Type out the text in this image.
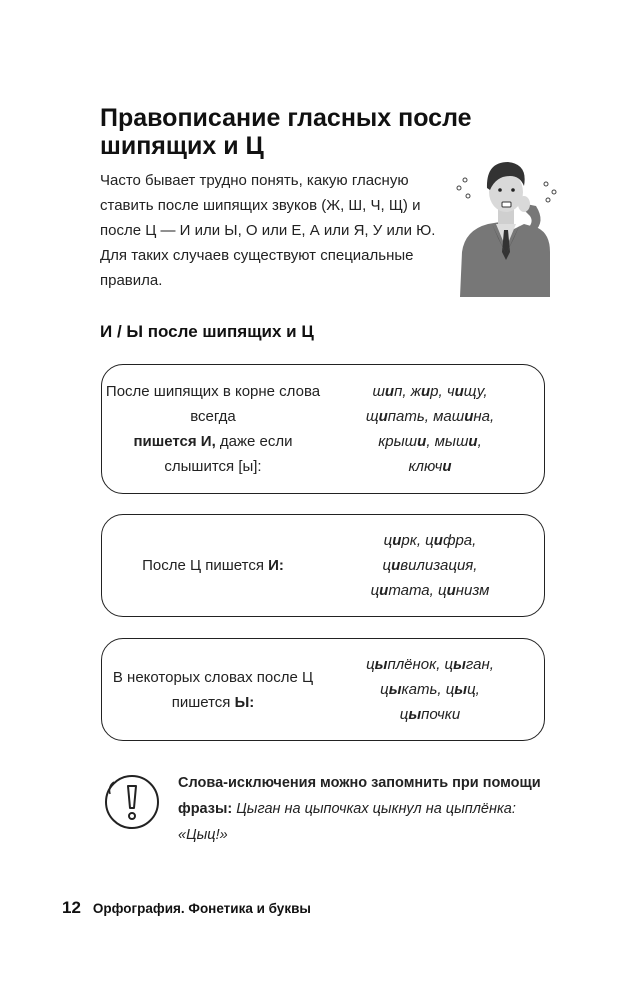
Правописание гласных после шипящих и Ц

Часто бывает трудно понять, какую гласную ставить после шипящих звуков (Ж, Ш, Ч, Щ) и после Ц — И или Ы, О или Е, А или Я, У или Ю. Для таких случаев существуют специальные правила.

И / Ы после шипящих и Ц
После шипящих в корне слова всегда
пишется И, даже если слышится [ы]:
шип, жир, чищу,
щипать, машина,
крыши, мыши,
ключи
После Ц пишется И:
цирк, цифра,
цивилизация,
цитата, цинизм
В некоторых словах после Ц пишется Ы:
цыплёнок, цыган,
цыкать, цыц,
цыпочки

Слова-исключения можно запомнить при помощи фразы: Цыган на цыпочках цыкнул на цыплёнка: «Цыц!»

12 Орфография. Фонетика и буквы
